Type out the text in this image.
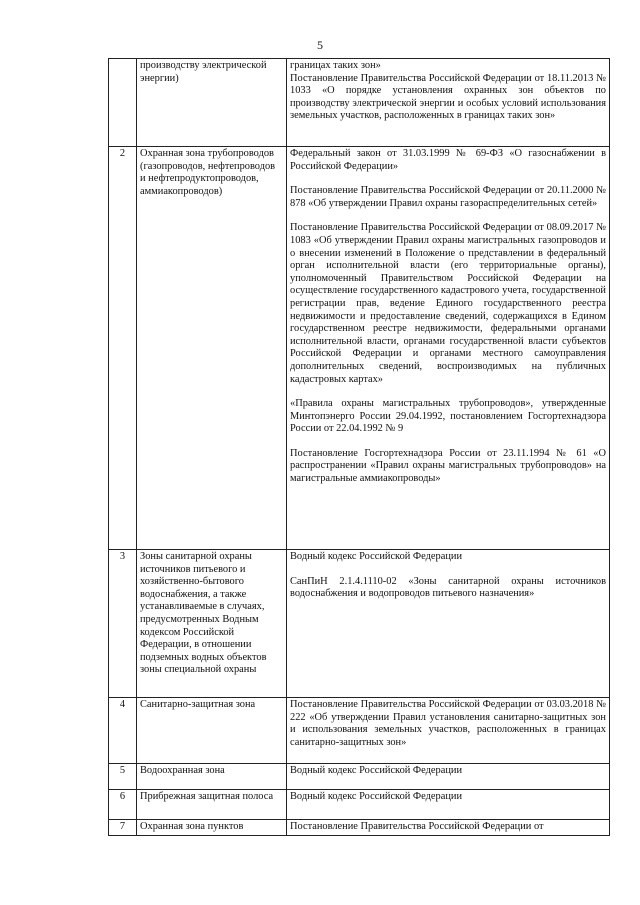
5
	производству электрической энергии)	границах таких зон»
Постановление Правительства Российской Федерации от 18.11.2013 № 1033 «О порядке установления охранных зон объектов по производству электрической энергии и особых условий использования земельных участков, расположенных в границах таких зон»

2	Охранная зона трубопроводов (газопроводов, нефтепроводов и нефтепродуктопроводов, аммиакопроводов)	Федеральный закон от 31.03.1999 № 69-ФЗ «О газоснабжении в Российской Федерации»
Постановление Правительства Российской Федерации от 20.11.2000 № 878 «Об утверждении Правил охраны газораспределительных сетей»
Постановление Правительства Российской Федерации от 08.09.2017 № 1083 «Об утверждении Правил охраны магистральных газопроводов и о внесении изменений в Положение о представлении в федеральный орган исполнительной власти (его территориальные органы), уполномоченный Правительством Российской Федерации на осуществление государственного кадастрового учета, государственной регистрации прав, ведение Единого государственного реестра недвижимости и предоставление сведений, содержащихся в Едином государственном реестре недвижимости, федеральными органами исполнительной власти, органами государственной власти субъектов Российской Федерации и органами местного самоуправления дополнительных сведений, воспроизводимых на публичных кадастровых картах»
«Правила охраны магистральных трубопроводов», утвержденные Минтопэнерго России 29.04.1992, постановлением Госгортехнадзора России от 22.04.1992 № 9
Постановление Госгортехнадзора России от 23.11.1994 № 61 «О распространении «Правил охраны магистральных трубопроводов» на магистральные аммиакопроводы»

3	Зоны санитарной охраны источников питьевого и хозяйственно-бытового водоснабжения, а также устанавливаемые в случаях, предусмотренных Водным кодексом Российской Федерации, в отношении подземных водных объектов зоны специальной охраны	Водный кодекс Российской Федерации
СанПиН 2.1.4.1110-02 «Зоны санитарной охраны источников водоснабжения и водопроводов питьевого назначения»

4	Санитарно-защитная зона	Постановление Правительства Российской Федерации от 03.03.2018 № 222 «Об утверждении Правил установления санитарно-защитных зон и использования земельных участков, расположенных в границах санитарно-защитных зон»

5	Водоохранная зона	Водный кодекс Российской Федерации

6	Прибрежная защитная полоса	Водный кодекс Российской Федерации

7	Охранная зона пунктов	Постановление Правительства Российской Федерации от
